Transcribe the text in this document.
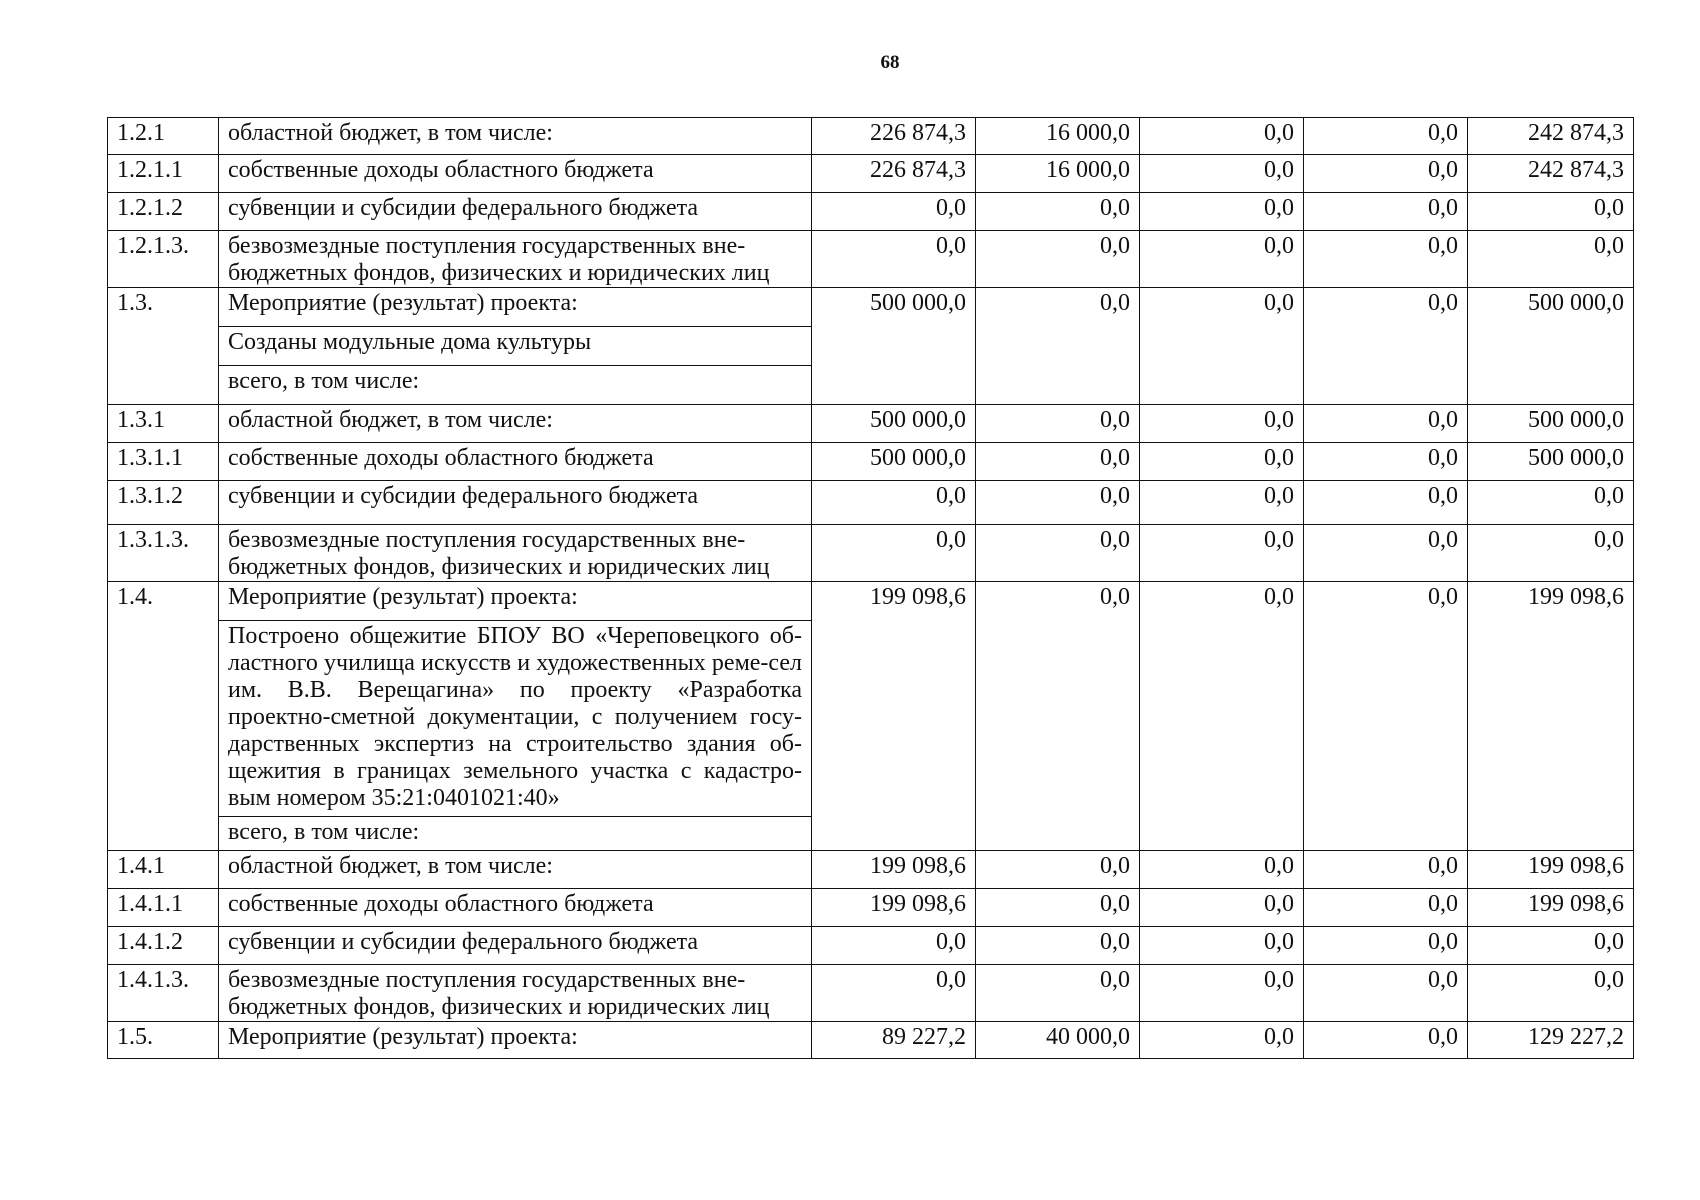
68
1.2.1	областной бюджет, в том числе:	226 874,3	16 000,0	0,0	0,0	242 874,3
1.2.1.1	собственные доходы областного бюджета	226 874,3	16 000,0	0,0	0,0	242 874,3
1.2.1.2	субвенции и субсидии федерального бюджета	0,0	0,0	0,0	0,0	0,0
1.2.1.3.	безвозмездные поступления государственных вне-бюджетных фондов, физических и юридических лиц	0,0	0,0	0,0	0,0	0,0
1.3.	Мероприятие (результат) проекта:	500 000,0	0,0	0,0	0,0	500 000,0
	Созданы модульные дома культуры					
	всего, в том числе:					
1.3.1	областной бюджет, в том числе:	500 000,0	0,0	0,0	0,0	500 000,0
1.3.1.1	собственные доходы областного бюджета	500 000,0	0,0	0,0	0,0	500 000,0
1.3.1.2	субвенции и субсидии федерального бюджета	0,0	0,0	0,0	0,0	0,0
1.3.1.3.	безвозмездные поступления государственных вне-бюджетных фондов, физических и юридических лиц	0,0	0,0	0,0	0,0	0,0
1.4.	Мероприятие (результат) проекта:	199 098,6	0,0	0,0	0,0	199 098,6
	Построено общежитие БПОУ ВО «Череповецкого об-ластного училища искусств и художественных реме-сел им. В.В. Верещагина» по проекту «Разработка проектно-сметной документации, с получением госу-дарственных экспертиз на строительство здания об-щежития в границах земельного участка с кадастро-вым номером 35:21:0401021:40»					
	всего, в том числе:					
1.4.1	областной бюджет, в том числе:	199 098,6	0,0	0,0	0,0	199 098,6
1.4.1.1	собственные доходы областного бюджета	199 098,6	0,0	0,0	0,0	199 098,6
1.4.1.2	субвенции и субсидии федерального бюджета	0,0	0,0	0,0	0,0	0,0
1.4.1.3.	безвозмездные поступления государственных вне-бюджетных фондов, физических и юридических лиц	0,0	0,0	0,0	0,0	0,0
1.5.	Мероприятие (результат) проекта:	89 227,2	40 000,0	0,0	0,0	129 227,2
